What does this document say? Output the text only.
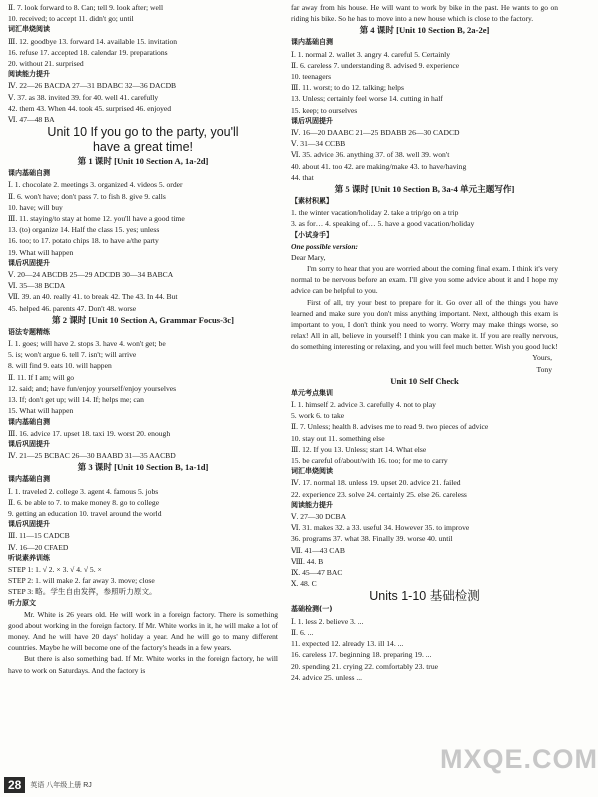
Ⅱ. 7. look forward to 8. Can; tell 9. look after; well
10. received; to accept 11. didn't go; until
词汇串烧阅读
Ⅲ. 12. goodbye 13. forward 14. available 15. invitation
16. refuse 17. accepted 18. calendar 19. preparations
20. without 21. surprised
阅读能力提升
Ⅳ. 22—26 BACDA 27—31 BDABC 32—36 DACDB
Ⅴ. 37. as 38. invited 39. for 40. well 41. carefully
42. them 43. When 44. took 45. surprised 46. enjoyed
Ⅵ. 47—48 BA
Unit 10 If you go to the party, you'll
have a great time!
第 1 课时 [Unit 10 Section A, 1a-2d]
课内基础自测
Ⅰ. 1. chocolate 2. meetings 3. organized 4. videos 5. order
Ⅱ. 6. won't have; don't pass 7. to fish 8. give 9. calls
10. have; will buy
Ⅲ. 11. staying/to stay at home 12. you'll have a good time
13. (to) organize 14. Half the class 15. yes; unless
16. too; to 17. potato chips 18. to have a/the party
19. What will happen
课后巩固提升
Ⅴ. 20—24 ABCDB 25—29 ADCDB 30—34 BABCA
Ⅵ. 35—38 BCDA
Ⅶ. 39. an 40. really 41. to break 42. The 43. In 44. But
45. helped 46. parents 47. Don't 48. worse
第 2 课时 [Unit 10 Section A, Grammar Focus-3c]
语法专题精练
Ⅰ. 1. goes; will have 2. stops 3. have 4. won't get; be
5. is; won't argue 6. tell 7. isn't; will arrive
8. will find 9. eats 10. will happen
Ⅱ. 11. If I am; will go
12. said; and; have fun/enjoy yourself/enjoy yourselves
13. If; don't get up; will 14. If; helps me; can
15. What will happen
课内基础自测
Ⅲ. 16. advice 17. upset 18. taxi 19. worst 20. enough
课后巩固提升
Ⅳ. 21—25 BCBAC 26—30 BAABD 31—35 AACBD
第 3 课时 [Unit 10 Section B, 1a-1d]
课内基础自测
Ⅰ. 1. traveled 2. college 3. agent 4. famous 5. jobs
Ⅱ. 6. be able to 7. to make money 8. go to college
9. getting an education 10. travel around the world
课后巩固提升
Ⅲ. 11—15 CADCB
Ⅳ. 16—20 CFAED
听说素养训练
STEP 1: 1. √ 2. × 3. √ 4. √ 5. ×
STEP 2: 1. will make 2. far away 3. move; close
STEP 3: 略。学生自由发挥，参照听力原文。
听力原文
Mr. White is 26 years old. He will work in a foreign factory. There is something good about working in the foreign factory. If Mr. White works in it, he will make a lot of money. And he will have 20 days' holiday a year. And he will go to many different countries. Maybe he will become one of the factory's heads in a few years.
But there is also something bad. If Mr. White works in the foreign factory, he will have to work on Saturdays. And the factory is
far away from his house. He will want to work by bike in the past. He wants to go on riding his bike. So he has to move into a new house which is close to the factory.
第 4 课时 [Unit 10 Section B, 2a-2e]
课内基础自测
Ⅰ. 1. normal 2. wallet 3. angry 4. careful 5. Certainly
Ⅱ. 6. careless 7. understanding 8. advised 9. experience
10. teenagers
Ⅲ. 11. worst; to do 12. talking; helps
13. Unless; certainly feel worse 14. cutting in half
15. keep; to ourselves
课后巩固提升
Ⅳ. 16—20 DAABC 21—25 BDABB 26—30 CADCD
Ⅴ. 31—34 CCBB
Ⅵ. 35. advice 36. anything 37. of 38. well 39. won't
40. about 41. too 42. are making/make 43. to have/having
44. that
第 5 课时 [Unit 10 Section B, 3a-4 单元主题写作]
【素材积累】
1. the winter vacation/holiday 2. take a trip/go on a trip
3. as for… 4. speaking of… 5. have a good vacation/holiday
【小试身手】
One possible version:
Dear Mary,
I'm sorry to hear that you are worried about the coming final exam. I think it's very normal to be nervous before an exam. I'll give you some advice about it and I hope my advice can be helpful to you.
First of all, try your best to prepare for it. Go over all of the things you have learned and make sure you don't miss anything important. Next, although this exam is important to you, I don't think you need to worry. Worry may make things worse, so relax! All in all, believe in yourself! I think you can make it. If you are really nervous, do something interesting or relaxing, and you will feel much better. Wish you good luck!
Yours,
Tony
Unit 10 Self Check
单元考点集训
Ⅰ. 1. himself 2. advice 3. carefully 4. not to play
5. work 6. to take
Ⅱ. 7. Unless; health 8. advises me to read 9. two pieces of advice
10. stay out 11. something else
Ⅲ. 12. If you 13. Unless; start 14. What else
15. be careful of/about/with 16. too; for me to carry
词汇串烧阅读
Ⅳ. 17. normal 18. unless 19. upset 20. advice 21. failed
22. experience 23. solve 24. certainly 25. else 26. careless
阅读能力提升
Ⅴ. 27—30 DCBA
Ⅵ. 31. makes 32. a 33. useful 34. However 35. to improve
36. programs 37. what 38. Finally 39. worse 40. until
Ⅶ. 41—43 CAB
Ⅷ. 44. B
Ⅸ. 45—47 BAC
Ⅹ. 48. C
Units 1-10 基础检测
基础检测(一)
Ⅰ. 1. less 2. believe 3. ...
Ⅱ. 6. ...
11. expected 12. already 13. ill 14. ...
16. careless 17. beginning 18. preparing 19. ...
20. spending 21. crying 22. comfortably 23. true
24. advice 25. unless ...
28	英语 八年级上册 RJ
MXQE.COM
